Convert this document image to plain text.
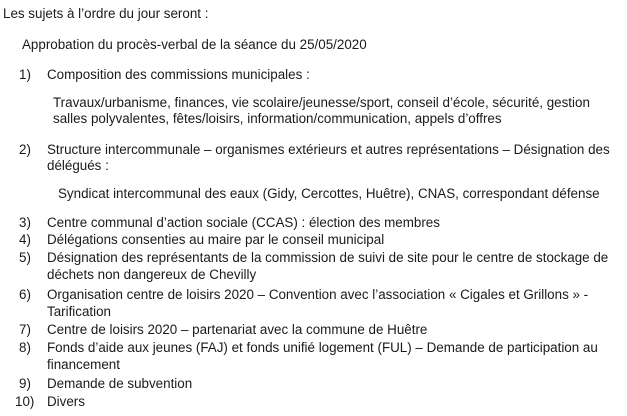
Les sujets à l’ordre du jour seront :
Approbation du procès-verbal de la séance du 25/05/2020
1)	Composition des commissions municipales :
Travaux/urbanisme, finances, vie scolaire/jeunesse/sport, conseil d’école, sécurité, gestion
salles polyvalentes, fêtes/loisirs, information/communication, appels d’offres
2)	Structure intercommunale – organismes extérieurs et autres représentations – Désignation des
délégués :
Syndicat intercommunal des eaux (Gidy, Cercottes, Huêtre), CNAS, correspondant défense
3)	Centre communal d’action sociale (CCAS) : élection des membres
4)	Délégations consenties au maire par le conseil municipal
5)	Désignation des représentants de la commission de suivi de site pour le centre de stockage de
déchets non dangereux de Chevilly
6)	Organisation centre de loisirs 2020 – Convention avec l’association « Cigales et Grillons » -
Tarification
7)	Centre de loisirs 2020 – partenariat avec la commune de Huêtre
8)	Fonds d’aide aux jeunes (FAJ) et fonds unifié logement (FUL) – Demande de participation au
financement
9)	Demande de subvention
10) Divers
